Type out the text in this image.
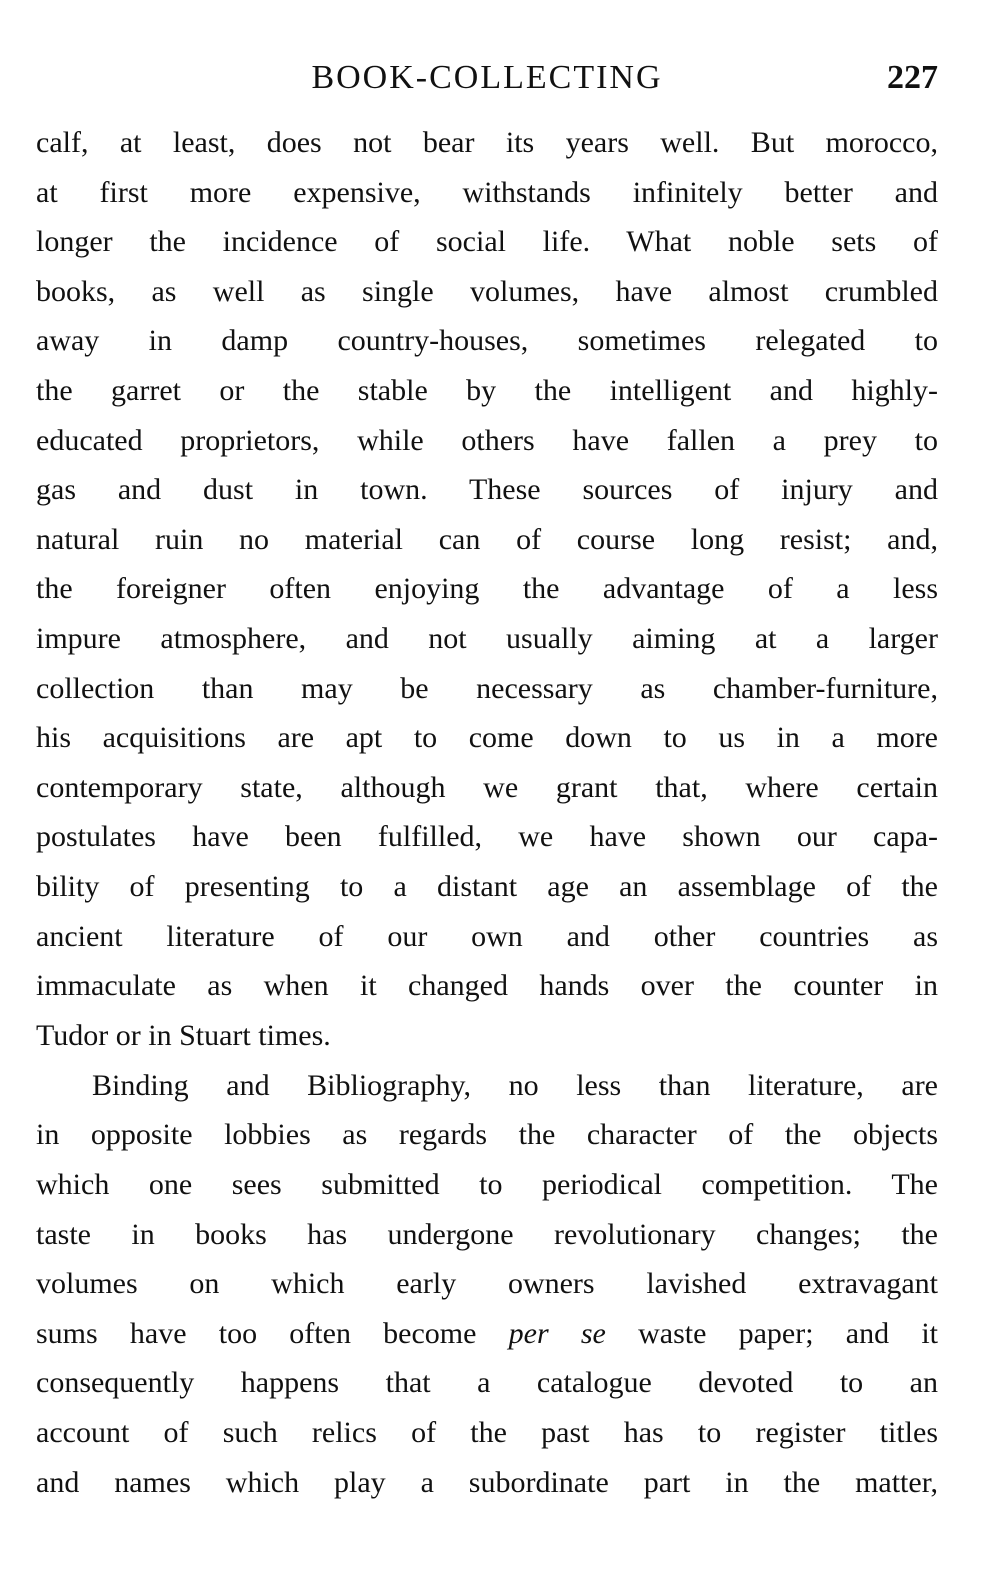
BOOK-COLLECTING	227
calf, at least, does not bear its years well. But morocco,
at first more expensive, withstands infinitely better and
longer the incidence of social life. What noble sets of
books, as well as single volumes, have almost crumbled
away in damp country-houses, sometimes relegated to
the garret or the stable by the intelligent and highly-
educated proprietors, while others have fallen a prey to
gas and dust in town. These sources of injury and
natural ruin no material can of course long resist; and,
the foreigner often enjoying the advantage of a less
impure atmosphere, and not usually aiming at a larger
collection than may be necessary as chamber-furniture,
his acquisitions are apt to come down to us in a more
contemporary state, although we grant that, where certain
postulates have been fulfilled, we have shown our capa-
bility of presenting to a distant age an assemblage of the
ancient literature of our own and other countries as
immaculate as when it changed hands over the counter in
Tudor or in Stuart times.
Binding and Bibliography, no less than literature, are
in opposite lobbies as regards the character of the objects
which one sees submitted to periodical competition. The
taste in books has undergone revolutionary changes; the
volumes on which early owners lavished extravagant
sums have too often become per se waste paper; and it
consequently happens that a catalogue devoted to an
account of such relics of the past has to register titles
and names which play a subordinate part in the matter,
